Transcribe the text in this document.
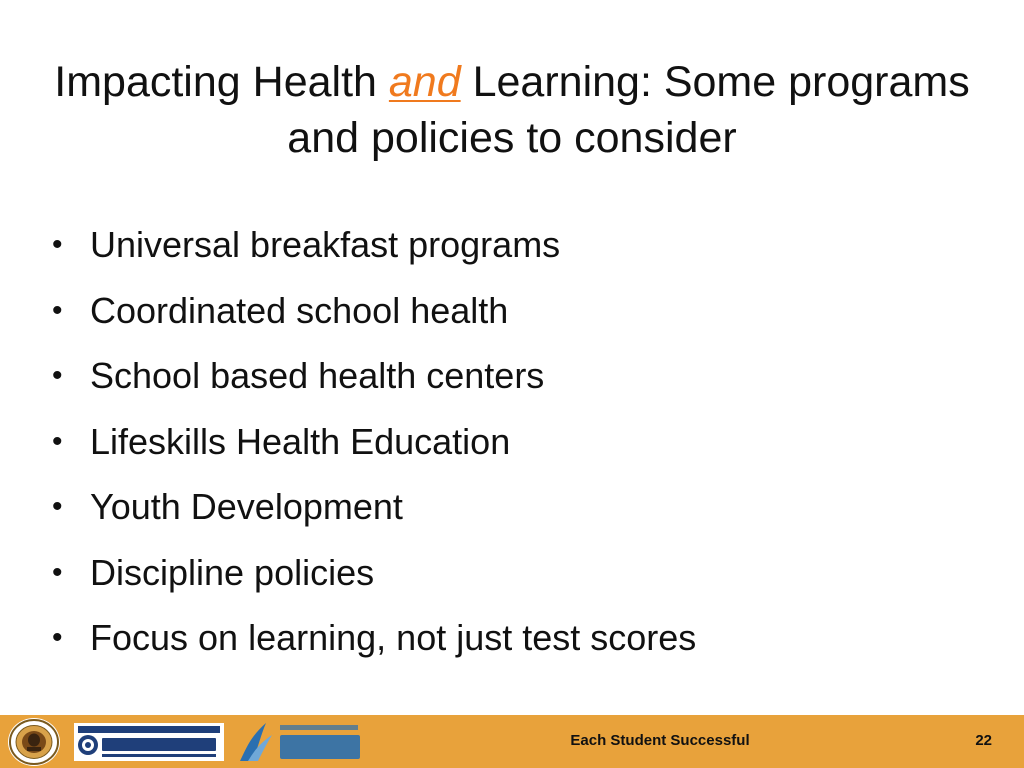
Impacting Health and Learning: Some programs and policies to consider
• Universal breakfast programs
• Coordinated school health
• School based health centers
• Lifeskills Health Education
• Youth Development
• Discipline policies
• Focus on learning, not just test scores
Each Student Successful	22
